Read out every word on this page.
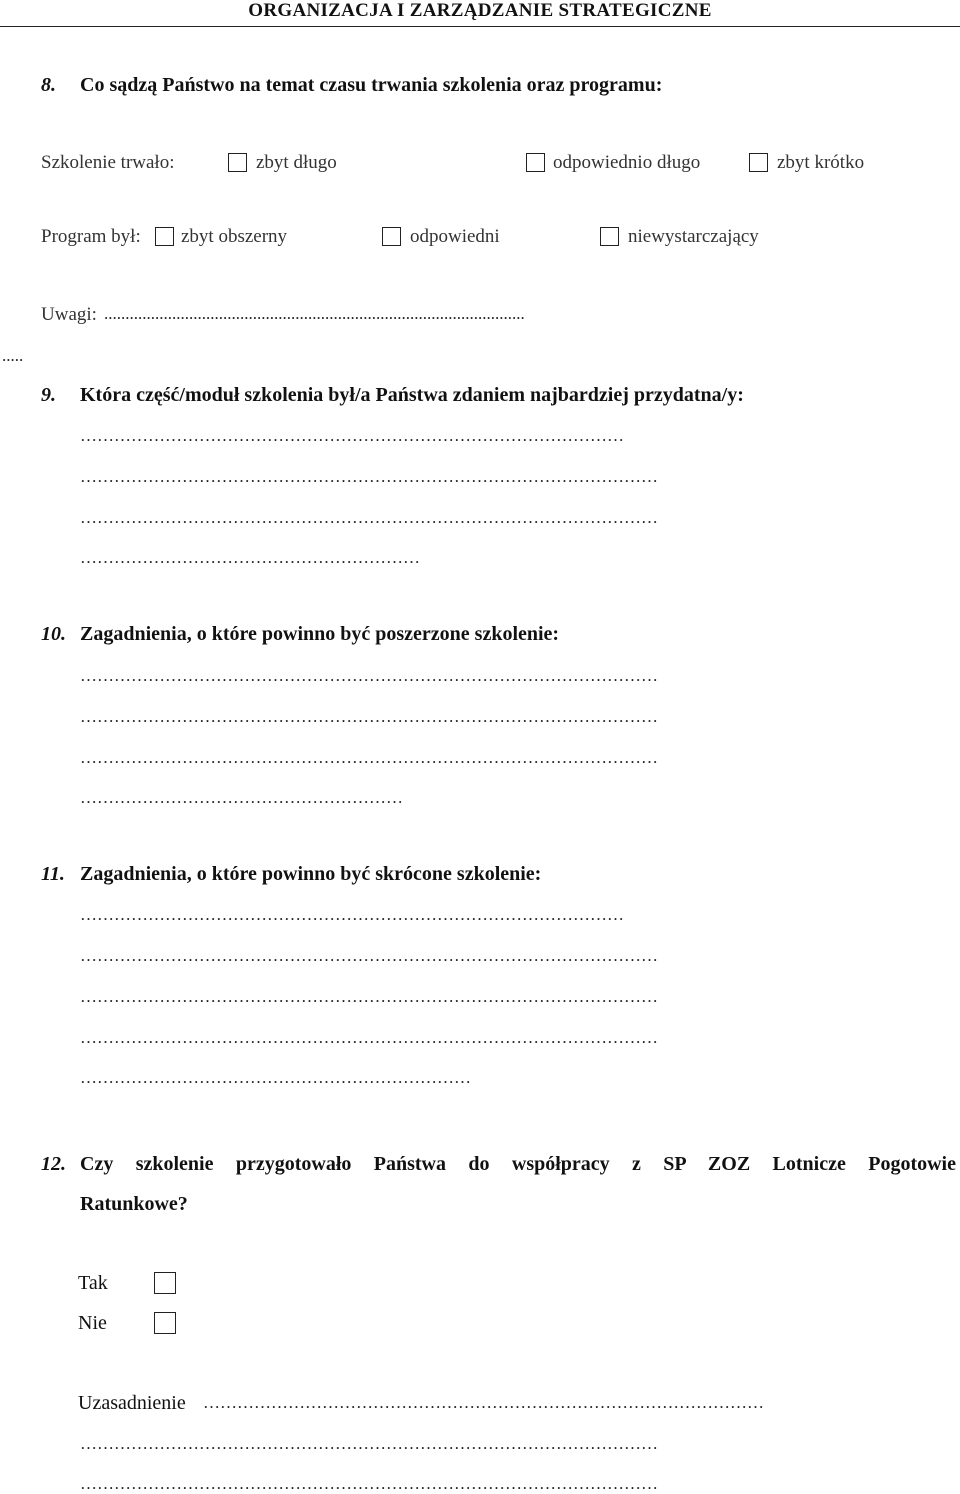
ORGANIZACJA I ZARZĄDZANIE STRATEGICZNE
8. Co sądzą Państwo na temat czasu trwania szkolenia oraz programu:
Szkolenie trwało:	zbyt długo	odpowiednio długo	zbyt krótko
Program był: zbyt obszerny	odpowiedni	niewystarczający
Uwagi: ...................................................................................................
.....
9. Która część/moduł szkolenia był/a Państwa zdaniem najbardziej przydatna/y:
……………………………………………………………………………………
…………………………………………………………………………………………
…………………………………………………………………………………………
……………………………………………………
10. Zagadnienia, o które powinno być poszerzone szkolenie:
…………………………………………………………………………………………
…………………………………………………………………………………………
…………………………………………………………………………………………
…………………………………………………
11. Zagadnienia, o które powinno być skrócone szkolenie:
……………………………………………………………………………………
…………………………………………………………………………………………
…………………………………………………………………………………………
…………………………………………………………………………………………
……………………………………………………………
12. Czy szkolenie przygotowało Państwa do współpracy z SP ZOZ Lotnicze Pogotowie
Ratunkowe?
Tak
Nie
Uzasadnienie ………………………………………………………………………………………
…………………………………………………………………………………………
…………………………………………………………………………………………
